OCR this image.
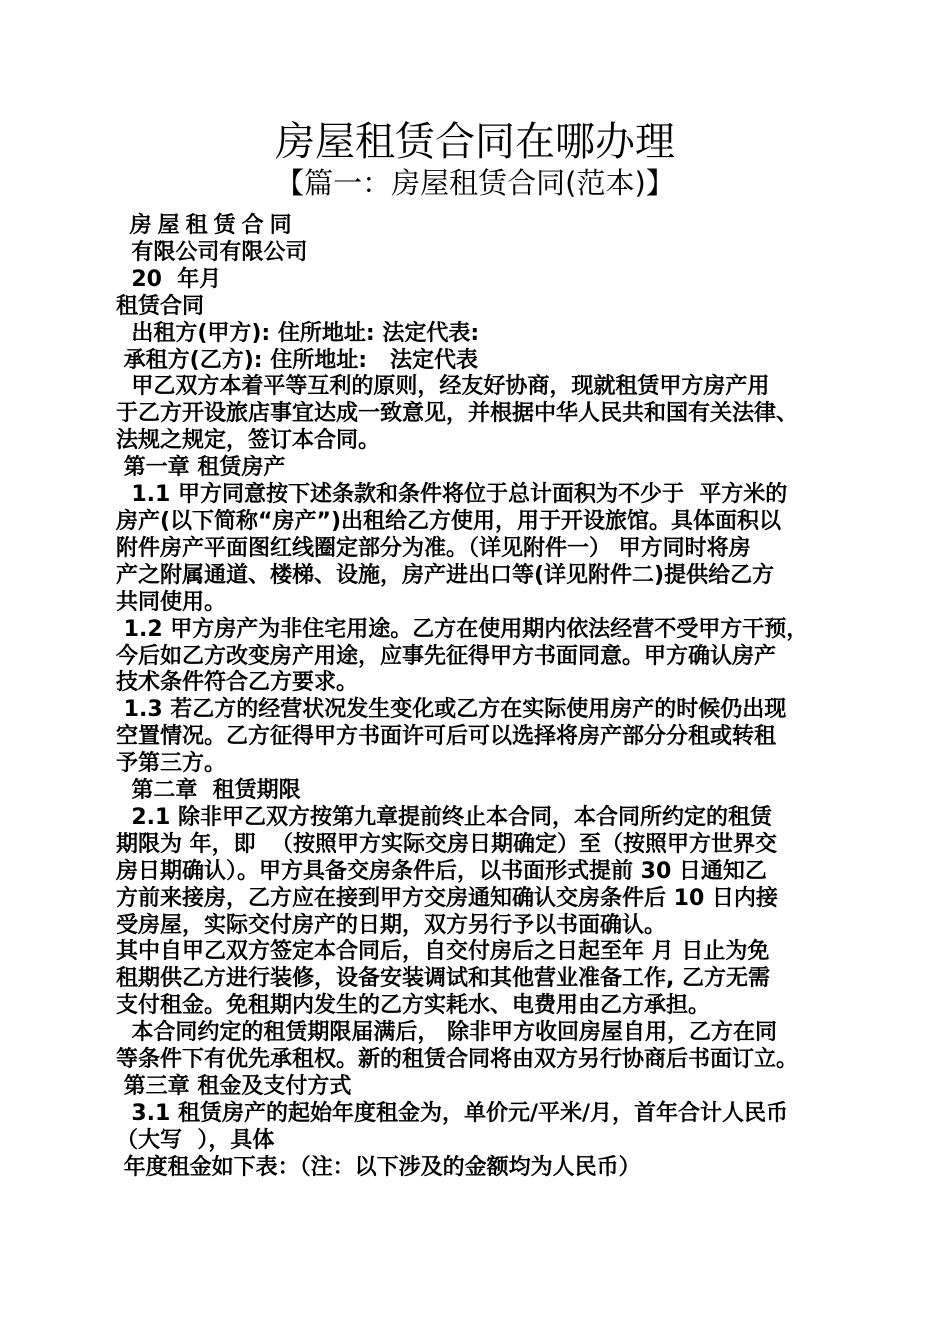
房屋租赁合同在哪办理
【篇一：房屋租赁合同(范本)】
房屋租赁合同
有限公司有限公司
20  年月
租赁合同
出租方(甲方): 住所地址: 法定代表:
承租方(乙方): 住所地址:   法定代表
甲乙双方本着平等互利的原则，经友好协商，现就租赁甲方房产用
于乙方开设旅店事宜达成一致意见，并根据中华人民共和国有关法律、
法规之规定，签订本合同。
第一章 租赁房产
1.1 甲方同意按下述条款和条件将位于总计面积为不少于  平方米的
房产(以下简称“房产”)出租给乙方使用，用于开设旅馆。具体面积以
附件房产平面图红线圈定部分为准。（详见附件一） 甲方同时将房
产之附属通道、楼梯、设施，房产进出口等(详见附件二)提供给乙方
共同使用。
1.2 甲方房产为非住宅用途。乙方在使用期内依法经营不受甲方干预，
今后如乙方改变房产用途，应事先征得甲方书面同意。甲方确认房产
技术条件符合乙方要求。
1.3 若乙方的经营状况发生变化或乙方在实际使用房产的时候仍出现
空置情况。乙方征得甲方书面许可后可以选择将房产部分分租或转租
予第三方。
第二章  租赁期限
2.1 除非甲乙双方按第九章提前终止本合同，本合同所约定的租赁
期限为 年，即  （按照甲方实际交房日期确定）至（按照甲方世界交
房日期确认）。甲方具备交房条件后，以书面形式提前 30 日通知乙
方前来接房，乙方应在接到甲方交房通知确认交房条件后 10 日内接
受房屋，实际交付房产的日期，双方另行予以书面确认。
其中自甲乙双方签定本合同后，自交付房后之日起至年 月 日止为免
租期供乙方进行装修，设备安装调试和其他营业准备工作, 乙方无需
支付租金。免租期内发生的乙方实耗水、电费用由乙方承担。
本合同约定的租赁期限届满后， 除非甲方收回房屋自用，乙方在同
等条件下有优先承租权。新的租赁合同将由双方另行协商后书面订立。
第三章 租金及支付方式
3.1 租赁房产的起始年度租金为，单价元/平米/月，首年合计人民币
（大写  ），具体
年度租金如下表：（注：以下涉及的金额均为人民币）
